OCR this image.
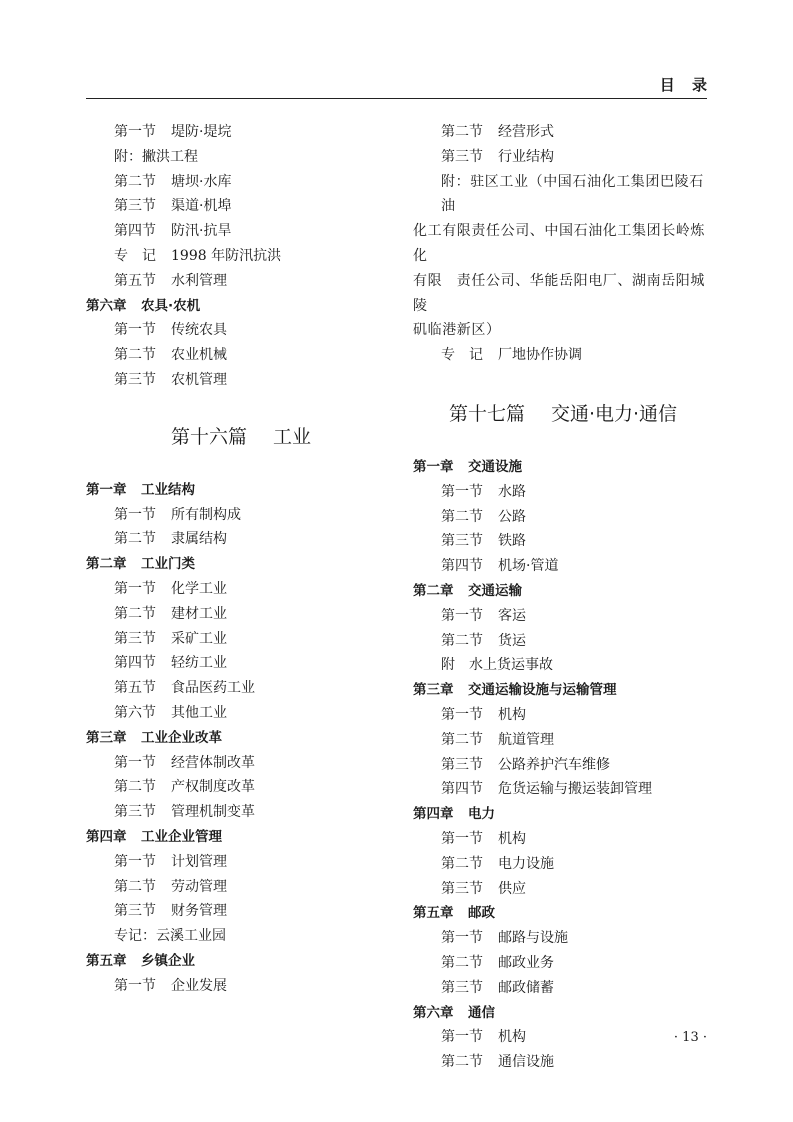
目 录
第一节 堤防·堤垸
附：撇洪工程
第二节 塘坝·水库
第三节 渠道·机埠
第四节 防汛·抗旱
专　记 1998 年防汛抗洪
第五节 水利管理
第六章 农具·农机
第一节 传统农具
第二节 农业机械
第三节 农机管理
第十六篇 工业
第一章 工业结构
第一节 所有制构成
第二节 隶属结构
第二章 工业门类
第一节 化学工业
第二节 建材工业
第三节 采矿工业
第四节 轻纺工业
第五节 食品医药工业
第六节 其他工业
第三章 工业企业改革
第一节 经营体制改革
第二节 产权制度改革
第三节 管理机制变革
第四章 工业企业管理
第一节 计划管理
第二节 劳动管理
第三节 财务管理
专记：云溪工业园
第五章 乡镇企业
第一节 企业发展
第二节 经营形式
第三节 行业结构
附：驻区工业（中国石油化工集团巴陵石油
化工有限责任公司、中国石油化工集团长岭炼化
有限　责任公司、华能岳阳电厂、湖南岳阳城陵
矶临港新区）
专　记 厂地协作协调
第十七篇 交通·电力·通信
第一章 交通设施
第一节 水路
第二节 公路
第三节 铁路
第四节 机场·管道
第二章 交通运输
第一节 客运
第二节 货运
附 水上货运事故
第三章 交通运输设施与运输管理
第一节 机构
第二节 航道管理
第三节 公路养护汽车维修
第四节 危货运输与搬运装卸管理
第四章 电力
第一节 机构
第二节 电力设施
第三节 供应
第五章 邮政
第一节 邮路与设施
第二节 邮政业务
第三节 邮政储蓄
第六章 通信
第一节 机构
第二节 通信设施
· 13 ·
